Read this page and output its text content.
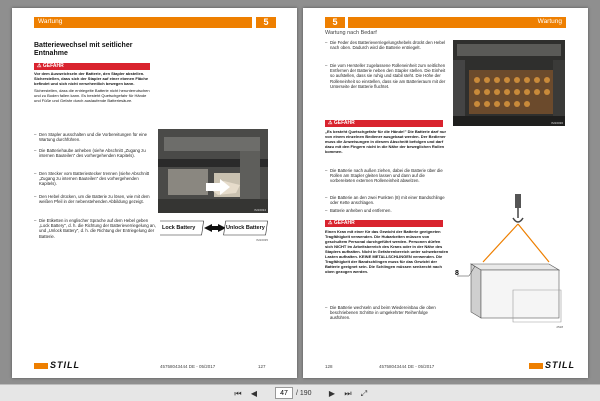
Wartung	5
Batteriewechsel mit seitlicher
Entnahme
⚠ GEFAHR
Vor dem Ausweichseln der Batterie, den Stapler abstellen. Sicherstellen, dass sich der Stapler auf einer ebenen Fläche befindet und sich nicht versehentlich bewegen kann.
Sicherstellen, dass die entriegelte Batterie nicht herunterrutschen und zu Boden fallen kann. Es besteht Quetschgefahr für Hände und Füße und Gefahr durch auslaufende Batteriesäure.
– Den Stapler ausschalten und die Vorbereitungen für eine Wartung durchführen.
– Die Batteriehaube anheben (siehe Abschnitt „Zugang zu internen Bauteilen" des vorhergehenden Kapitels).
– Den Stecker vom Batteriestecker trennen (siehe Abschnitt „Zugang zu internen Bauteilen" des vorhergehenden Kapitels).
– Den Hebel drücken, um die Batterie zu lösen, wie mit dem weißen Pfeil in der nebenstehenden Abbildung gezeigt.
– Die Etiketten in englischer Sprache auf dem Hebel geben „Lock Battery", d. h. die Richtung der Batterieverriegelung an, und „Unlock Battery", d. h. die Richtung der Entriegelung der Batterie.
IM16034
Lock Battery	Unlock Battery
IM16035
STILL	45758043444 DE - 05/2017	127
5	Wartung
Wartung nach Bedarf
– Die Feder des Batterieverriegelungshebels drückt den Hebel nach oben. Dadurch wird die Batterie entriegelt.
– Die vom Hersteller zugelassene Rolleneinheit zum seitlichen Entfernen der Batterie neben den Stapler stellen. Die Einheit so aufstellen, dass sie ruhig und stabil steht. Die Höhe der Rolleneinheit so einstellen, dass sie am Batterieraum mit der Unterseite der Batterie fluchtet.
IM16036
⚠ GEFAHR
„Es besteht Quetschgefahr für die Hände!" Die Batterie darf nur von einem einzelnen Bediener ausgebaut werden. Der Bediener muss die Anweisungen in diesem Abschnitt befolgen und darf dazu mit den Fingern nicht in die Nähe der beweglichen Rollen kommen.
– Die Batterie nach außen ziehen, dabei die Batterie über die Rollen am Stapler gleiten lassen und dann auf die vorbereiteten externen Rolleneinheit abwelzen.
– Die Batterie an den zwei Punkten (8) mit einer Bandschlinge oder Kette anschlagen.
– Batterie anheben und entfernen.
⚠ GEFAHR
Einen Kran mit einer für das Gewicht der Batterie geeigneten Tragfähigkeit verwenden. Die Hubarbeiten müssen von geschultem Personal durchgeführt werden. Personen dürfen sich NICHT im Arbeitsbereich des Krans oder in der Nähe des Staplers aufhalten. Nicht in Gefahrenbereich unter schwebenden Lasten aufhalten. KEINE METALLSCHLINGEN verwenden. Die Tragfähigkeit der Bandschlingen muss für das Gewicht der Batterie geeignet sein. Die Schlingen müssen senkrecht nach oben gezogen werden.
– Die Batterie wechseln und beim Wiedereinbau die oben beschriebenen Schritte in umgekehrter Reihenfolge ausführen.
8
2528
128	45758043444 DE - 05/2017	STILL
⏮	◀
47	/ 190	▶	⏭	⤢
